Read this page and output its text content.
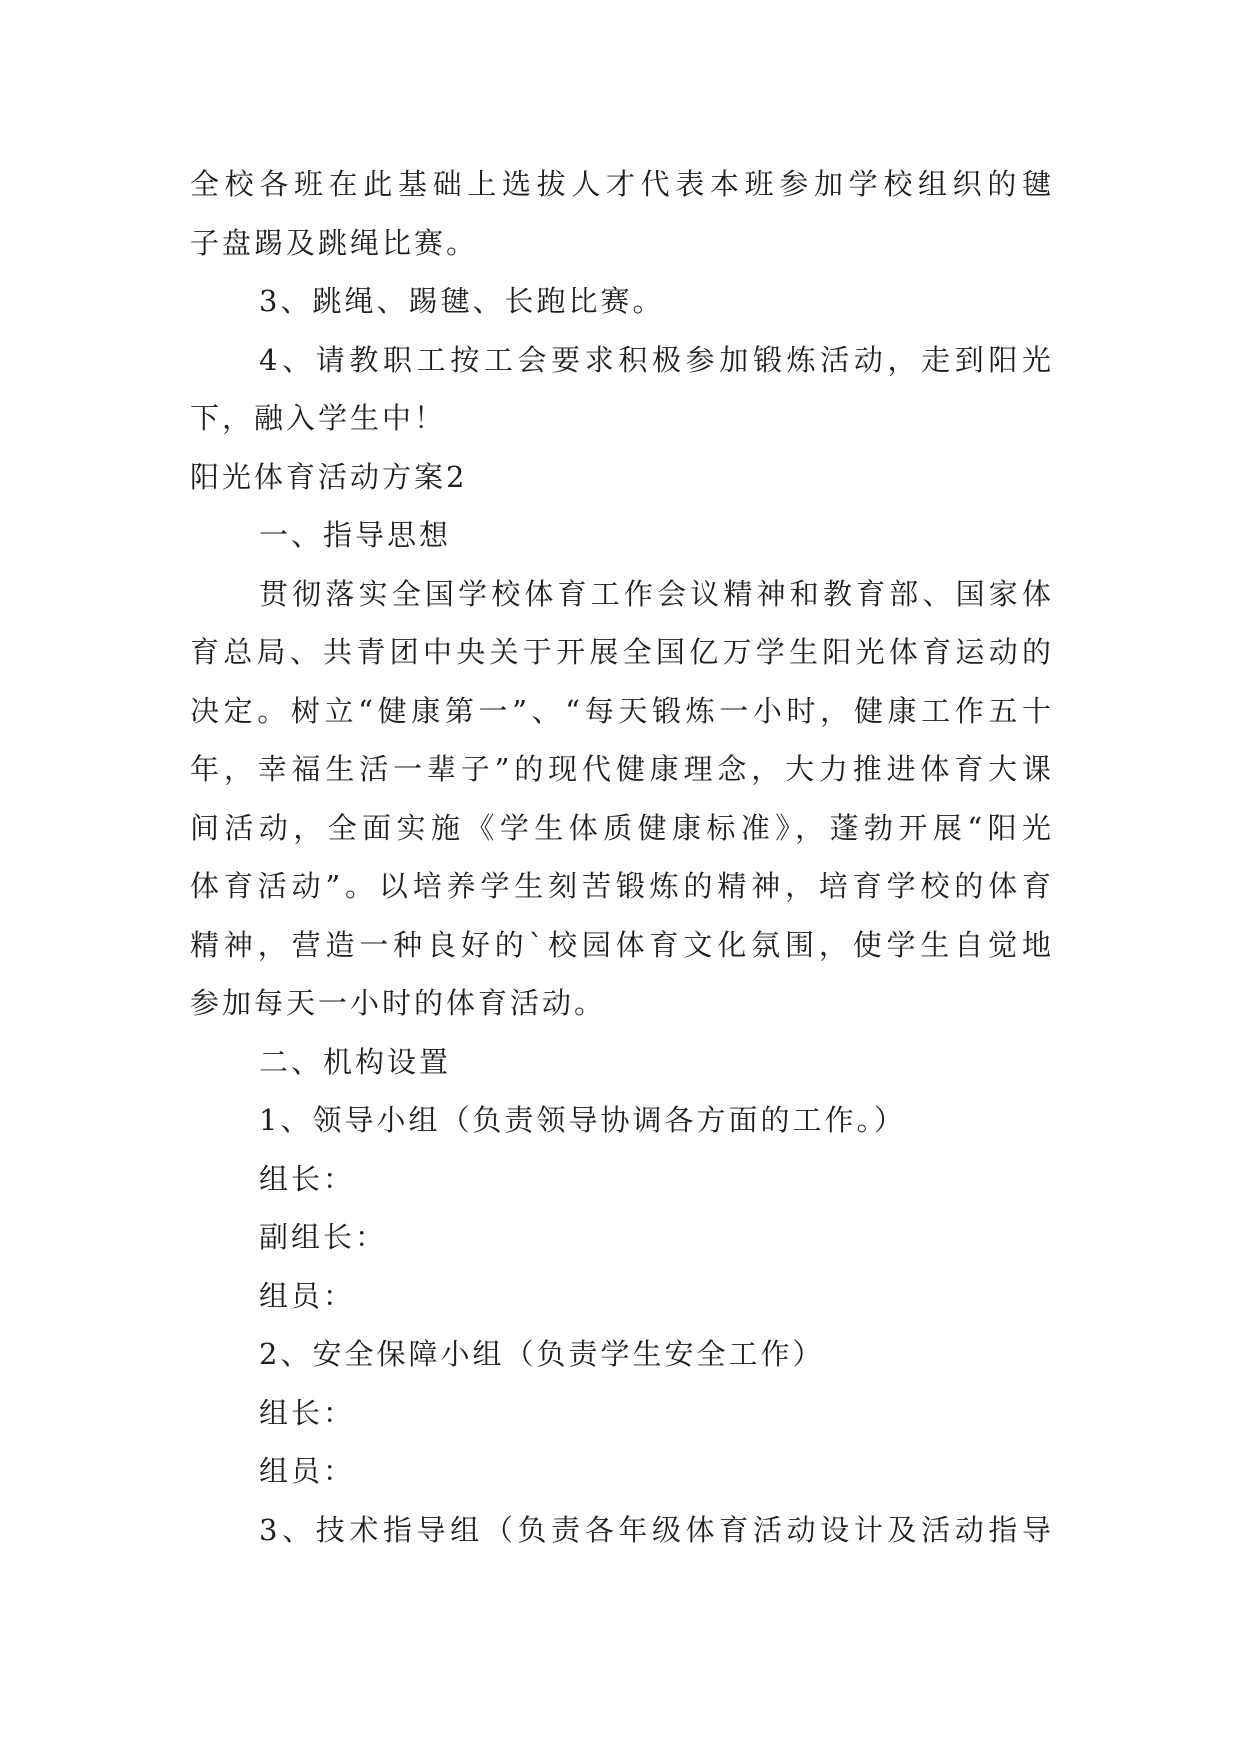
全校各班在此基础上选拔人才代表本班参加学校组织的毽
子盘踢及跳绳比赛。
3、跳绳、踢毽、长跑比赛。
4、请教职工按工会要求积极参加锻炼活动，走到阳光
下，融入学生中！
阳光体育活动方案2
一、指导思想
贯彻落实全国学校体育工作会议精神和教育部、国家体
育总局、共青团中央关于开展全国亿万学生阳光体育运动的
决定。树立“健康第一”、“每天锻炼一小时，健康工作五十
年，幸福生活一辈子”的现代健康理念，大力推进体育大课
间活动，全面实施《学生体质健康标准》，蓬勃开展“阳光
体育活动”。以培养学生刻苦锻炼的精神，培育学校的体育
精神，营造一种良好的`校园体育文化氛围，使学生自觉地
参加每天一小时的体育活动。
二、机构设置
1、领导小组（负责领导协调各方面的工作。）
组长：
副组长：
组员：
2、安全保障小组（负责学生安全工作）
组长：
组员：
3、技术指导组（负责各年级体育活动设计及活动指导
